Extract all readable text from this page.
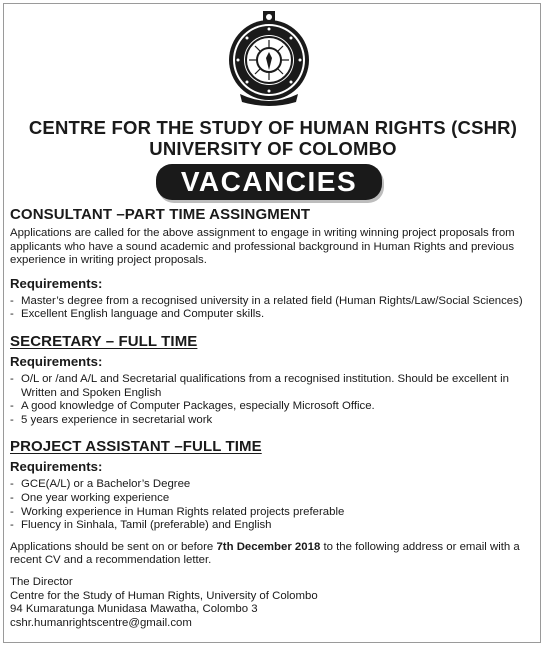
CENTRE FOR THE STUDY OF HUMAN RIGHTS (CSHR)
UNIVERSITY OF COLOMBO
VACANCIES
CONSULTANT –PART TIME ASSINGMENT

Applications are called for the above assignment to engage in writing winning project proposals from applicants who have a sound academic and professional background in Human Rights and previous experience in writing project proposals.

Requirements:
- Master’s degree from a recognised university in a related field (Human Rights/Law/Social Sciences)
- Excellent English language and Computer skills.
SECRETARY – FULL TIME
Requirements:
- O/L or /and A/L and Secretarial qualifications from a recognised institution. Should be excellent in Written and Spoken English
- A good knowledge of Computer Packages, especially Microsoft Office.
- 5 years experience in secretarial work
PROJECT ASSISTANT –FULL TIME
Requirements:
- GCE(A/L) or a Bachelor’s Degree
- One year working experience
- Working experience in Human Rights related projects preferable
- Fluency in Sinhala, Tamil (preferable) and English

Applications should be sent on or before 7th December 2018 to the following address or email with a recent CV and a recommendation letter.

The Director

Centre for the Study of Human Rights, University of Colombo

94 Kumaratunga Munidasa Mawatha, Colombo 3

cshr.humanrightscentre@gmail.com
